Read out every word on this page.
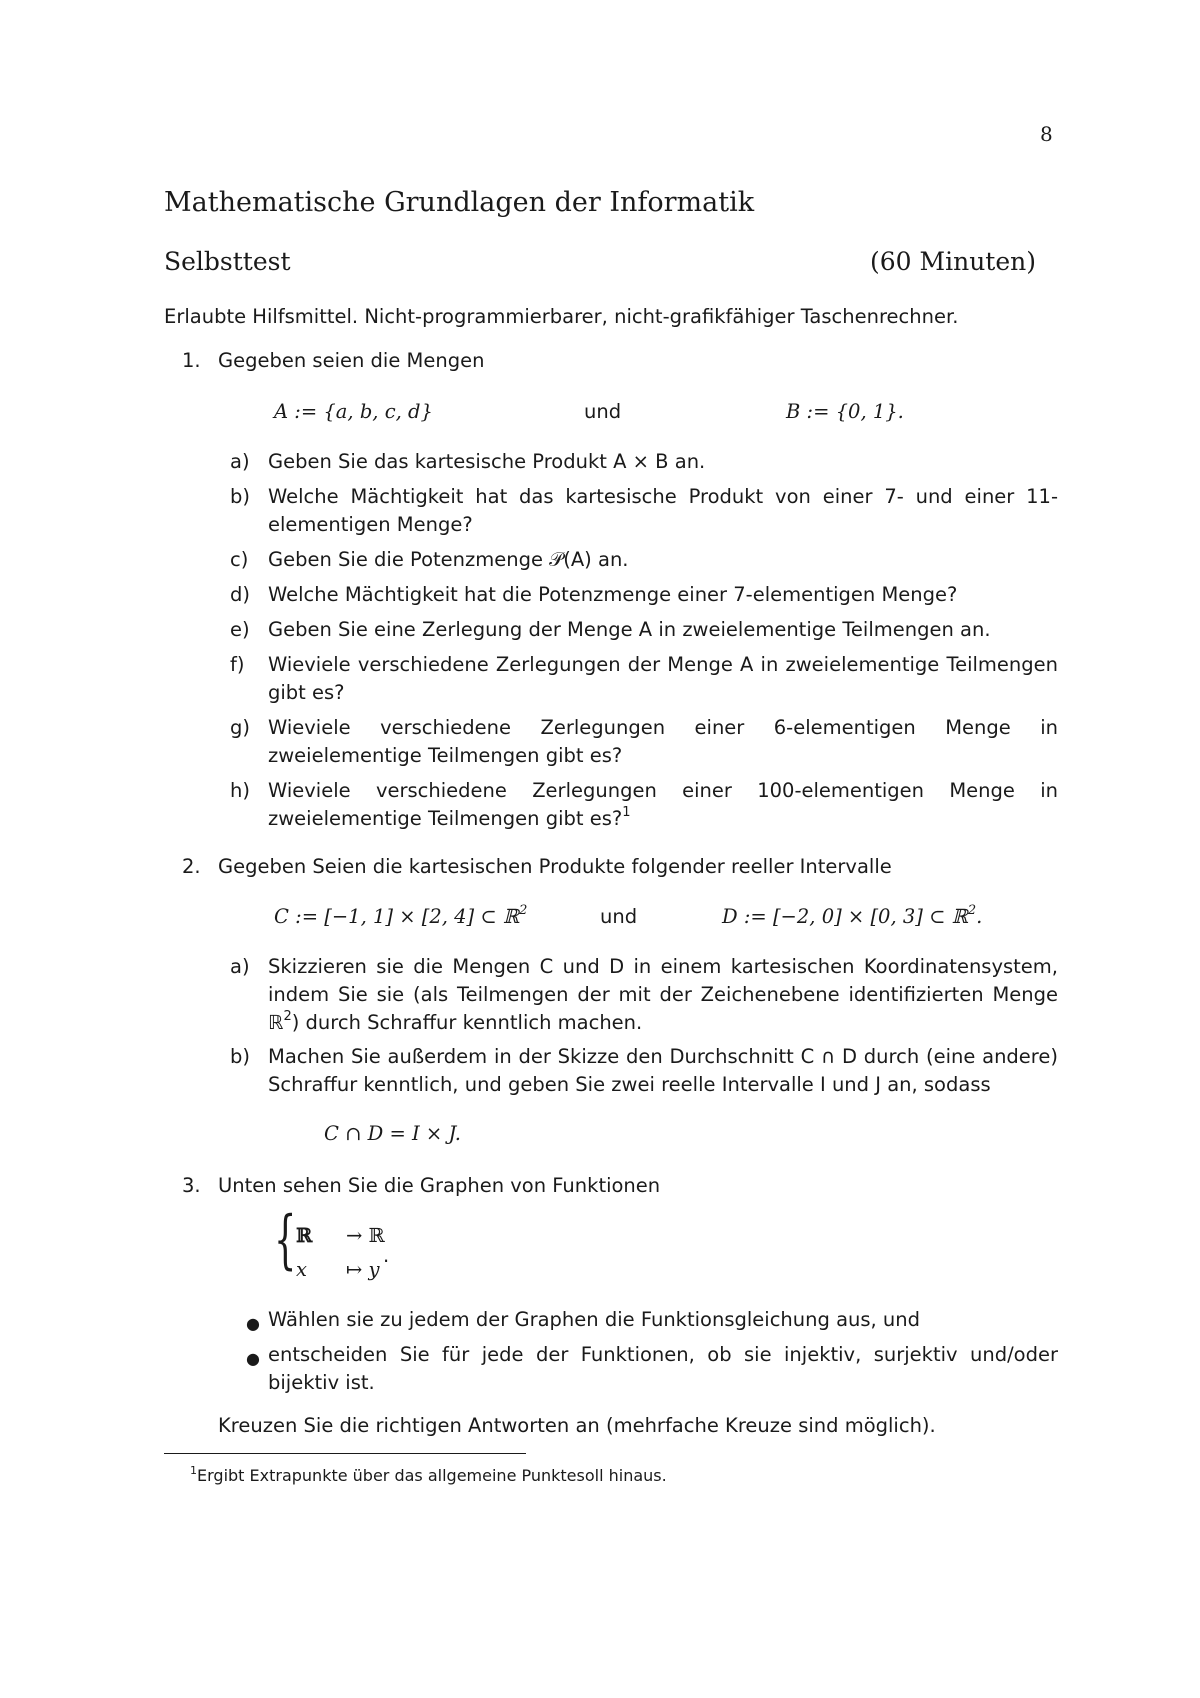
8
Mathematische Grundlagen der Informatik
Selbsttest	(60 Minuten)

Erlaubte Hilfsmittel. Nicht-programmierbarer, nicht-grafikfähiger Taschenrechner.

1. Gegeben seien die Mengen
A := {a, b, c, d}	und	B := {0, 1}.
a) Geben Sie das kartesische Produkt A × B an.

b) Welche Mächtigkeit hat das kartesische Produkt von einer 7- und einer 11-elementigen Menge?

c) Geben Sie die Potenzmenge 𝒫(A) an.

d) Welche Mächtigkeit hat die Potenzmenge einer 7-elementigen Menge?

e) Geben Sie eine Zerlegung der Menge A in zweielementige Teilmengen an.

f) Wieviele verschiedene Zerlegungen der Menge A in zweielementige Teilmengen gibt es?

g) Wieviele verschiedene Zerlegungen einer 6-elementigen Menge in zweielementige Teilmengen gibt es?

h) Wieviele verschiedene Zerlegungen einer 100-elementigen Menge in zweielementige Teilmengen gibt es?$^1$

2. Gegeben Seien die kartesischen Produkte folgender reeller Intervalle
C := [−1, 1] × [2, 4] ⊂ ℝ$^2$	und	D := [−2, 0] × [0, 3] ⊂ ℝ$^2$.
a) Skizzieren sie die Mengen C und D in einem kartesischen Koordinatensystem, indem Sie sie (als Teilmengen der mit der Zeichenebene identifizierten Menge ℝ$^2$) durch Schraffur kenntlich machen.

b) Machen Sie außerdem in der Skizze den Durchschnitt C ∩ D durch (eine andere) Schraffur kenntlich, und geben Sie zwei reelle Intervalle I und J an, sodass

C ∩ D = I × J.
3. Unten sehen Sie die Graphen von Funktionen
{ ℝ → ℝ
x ↦ y
.
● Wählen sie zu jedem der Graphen die Funktionsgleichung aus, und

● entscheiden Sie für jede der Funktionen, ob sie injektiv, surjektiv und/oder bijektiv ist.

Kreuzen Sie die richtigen Antworten an (mehrfache Kreuze sind möglich).

$^1$Ergibt Extrapunkte über das allgemeine Punktesoll hinaus.
